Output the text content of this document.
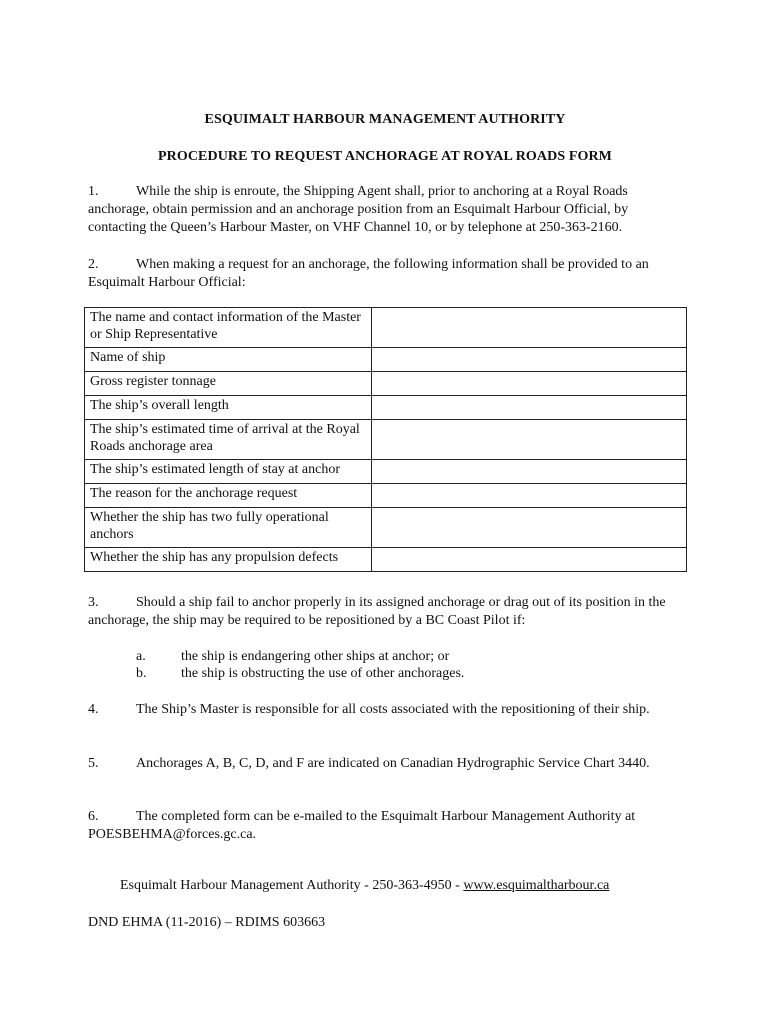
ESQUIMALT HARBOUR MANAGEMENT AUTHORITY
PROCEDURE TO REQUEST ANCHORAGE AT ROYAL ROADS FORM

1.	While the ship is enroute, the Shipping Agent shall, prior to anchoring at a Royal Roads anchorage, obtain permission and an anchorage position from an Esquimalt Harbour Official, by contacting the Queen’s Harbour Master, on VHF Channel 10, or by telephone at 250-363-2160.

2.	When making a request for an anchorage, the following information shall be provided to an Esquimalt Harbour Official:

The name and contact information of the Master or Ship Representative	
Name of ship	
Gross register tonnage	
The ship’s overall length	
The ship’s estimated time of arrival at the Royal Roads anchorage area	
The ship’s estimated length of stay at anchor	
The reason for the anchorage request	
Whether the ship has two fully operational anchors	
Whether the ship has any propulsion defects	

3.	Should a ship fail to anchor properly in its assigned anchorage or drag out of its position in the anchorage, the ship may be required to be repositioned by a BC Coast Pilot if:

a.	the ship is endangering other ships at anchor; or
b. the ship is obstructing the use of other anchorages.

4.	The Ship’s Master is responsible for all costs associated with the repositioning of their ship.

5.	Anchorages A, B, C, D, and F are indicated on Canadian Hydrographic Service Chart 3440.

6.	The completed form can be e-mailed to the Esquimalt Harbour Management Authority at POESBEHMA@forces.gc.ca.

Esquimalt Harbour Management Authority - 250-363-4950 - www.esquimaltharbour.ca
DND EHMA (11-2016) – RDIMS 603663
